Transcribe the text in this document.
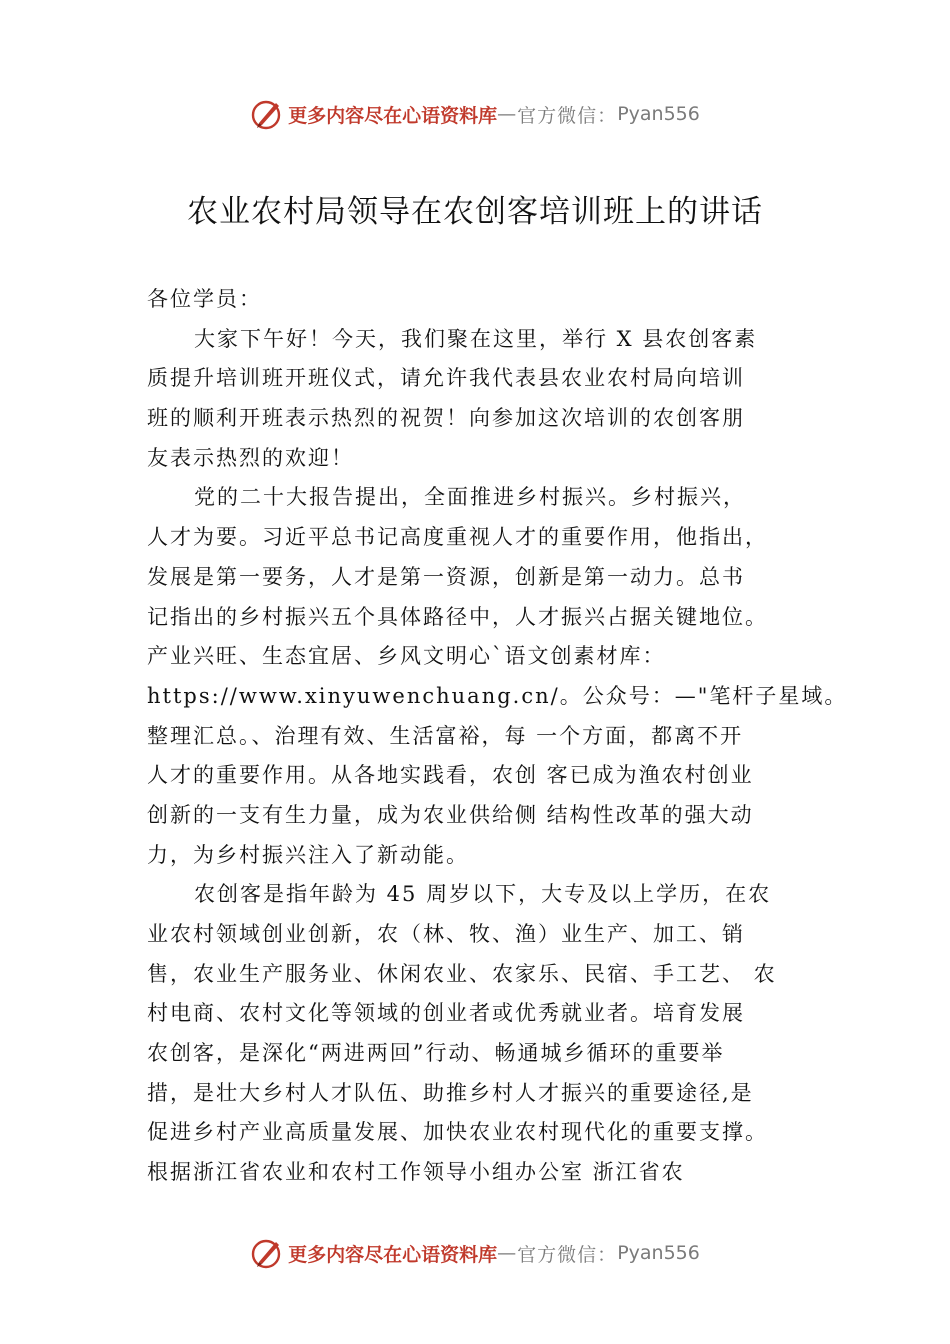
更多内容尽在心语资料库 — 官方微信： Pyan556
农业农村局领导在农创客培训班上的讲话
各位学员：
大家下午好！今天，我们聚在这里，举行 X 县农创客素
质提升培训班开班仪式，请允许我代表县农业农村局向培训
班的顺利开班表示热烈的祝贺！向参加这次培训的农创客朋
友表示热烈的欢迎！
党的二十大报告提出，全面推进乡村振兴。乡村振兴，
人才为要。习近平总书记高度重视人才的重要作用，他指出，
发展是第一要务，人才是第一资源，创新是第一动力。总书
记指出的乡村振兴五个具体路径中，人才振兴占据关键地位。
产业兴旺、生态宜居、乡风文明心`语文创素材库：
https://www.xinyuwenchuang.cn/。公众号：—"笔杆子星域。
整理汇总。、治理有效、生活富裕，每 一个方面，都离不开
人才的重要作用。从各地实践看，农创 客已成为渔农村创业
创新的一支有生力量，成为农业供给侧 结构性改革的强大动
力，为乡村振兴注入了新动能。
农创客是指年龄为 45 周岁以下，大专及以上学历，在农
业农村领域创业创新，农（林、牧、渔）业生产、加工、销
售，农业生产服务业、休闲农业、农家乐、民宿、手工艺、 农
村电商、农村文化等领域的创业者或优秀就业者。培育发展
农创客，是深化“两进两回”行动、畅通城乡循环的重要举
措，是壮大乡村人才队伍、助推乡村人才振兴的重要途径,是
促进乡村产业高质量发展、加快农业农村现代化的重要支撑。
根据浙江省农业和农村工作领导小组办公室 浙江省农
更多内容尽在心语资料库 — 官方微信： Pyan556
